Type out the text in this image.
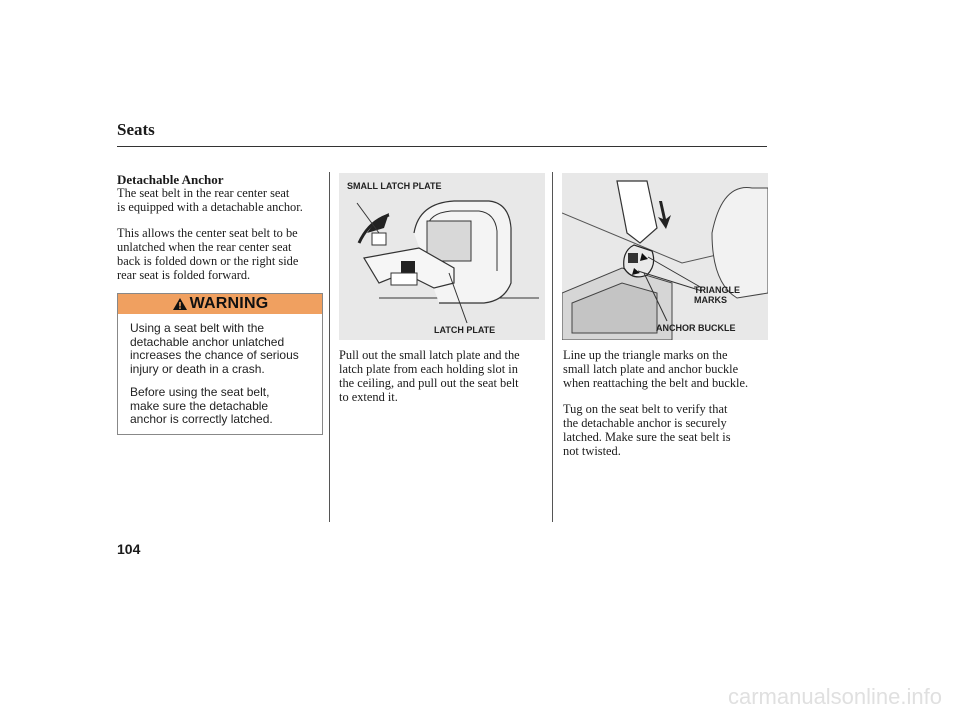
Seats
Detachable Anchor

The seat belt in the rear center seat
is equipped with a detachable anchor.

This allows the center seat belt to be
unlatched when the rear center seat
back is folded down or the right side
rear seat is folded forward.

WARNING

Using a seat belt with the
detachable anchor unlatched
increases the chance of serious
injury or death in a crash.

Before using the seat belt,
make sure the detachable
anchor is correctly latched.

SMALL LATCH PLATE
LATCH PLATE

Pull out the small latch plate and the
latch plate from each holding slot in
the ceiling, and pull out the seat belt
to extend it.

TRIANGLE
MARKS
ANCHOR BUCKLE

Line up the triangle marks on the
small latch plate and anchor buckle
when reattaching the belt and buckle.

Tug on the seat belt to verify that
the detachable anchor is securely
latched. Make sure the seat belt is
not twisted.

104

carmanualsonline.info
